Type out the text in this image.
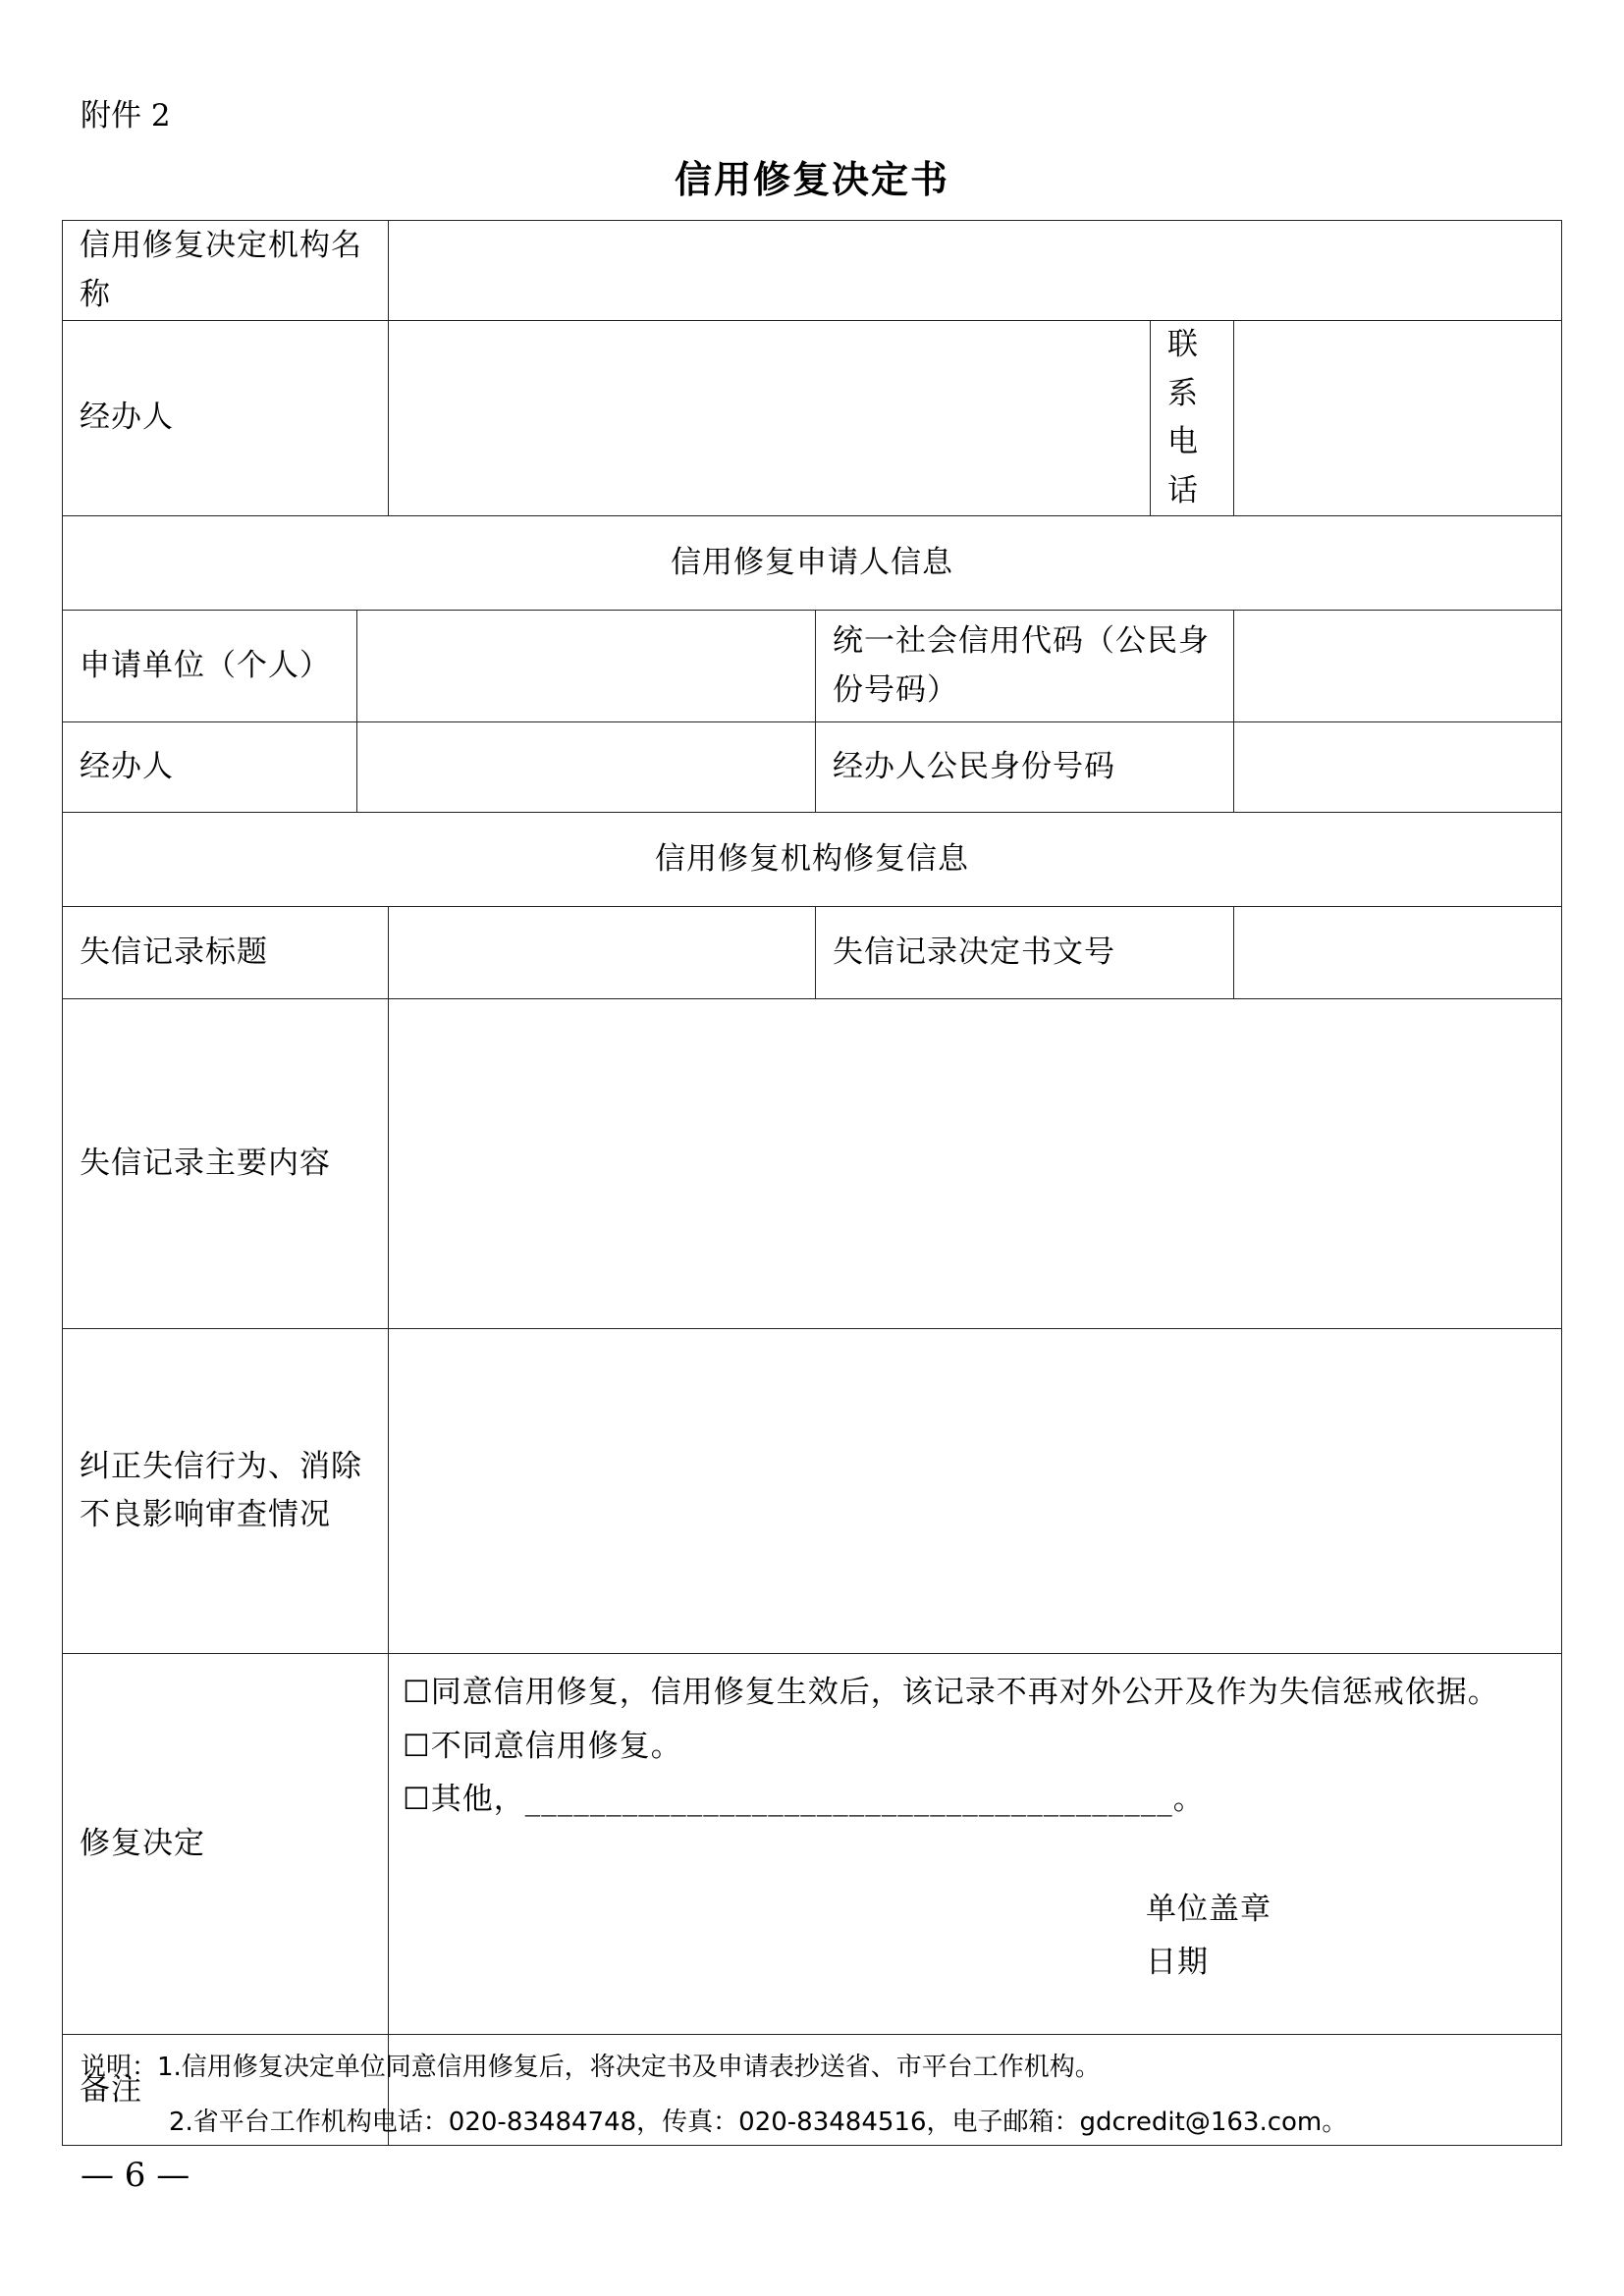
附件 2
信用修复决定书
信用修复决定机构名称					
经办人				联系电话	
信用修复申请人信息					
申请单位（个人）			统一社会信用代码（公民身份号码）		
经办人			经办人公民身份号码		
信用修复机构修复信息					
失信记录标题			失信记录决定书文号		
失信记录主要内容					
纠正失信行为、消除不良影响审查情况					
修复决定		☐同意信用修复，信用修复生效后，该记录不再对外公开及作为失信惩戒依据。
☐不同意信用修复。
☐其他，________________________________________。
单位盖章
日期			

备注					
说明：1.信用修复决定单位同意信用修复后，将决定书及申请表抄送省、市平台工作机构。
2.省平台工作机构电话：020-83484748，传真：020-83484516，电子邮箱：gdcredit@163.com。
— 6 —
